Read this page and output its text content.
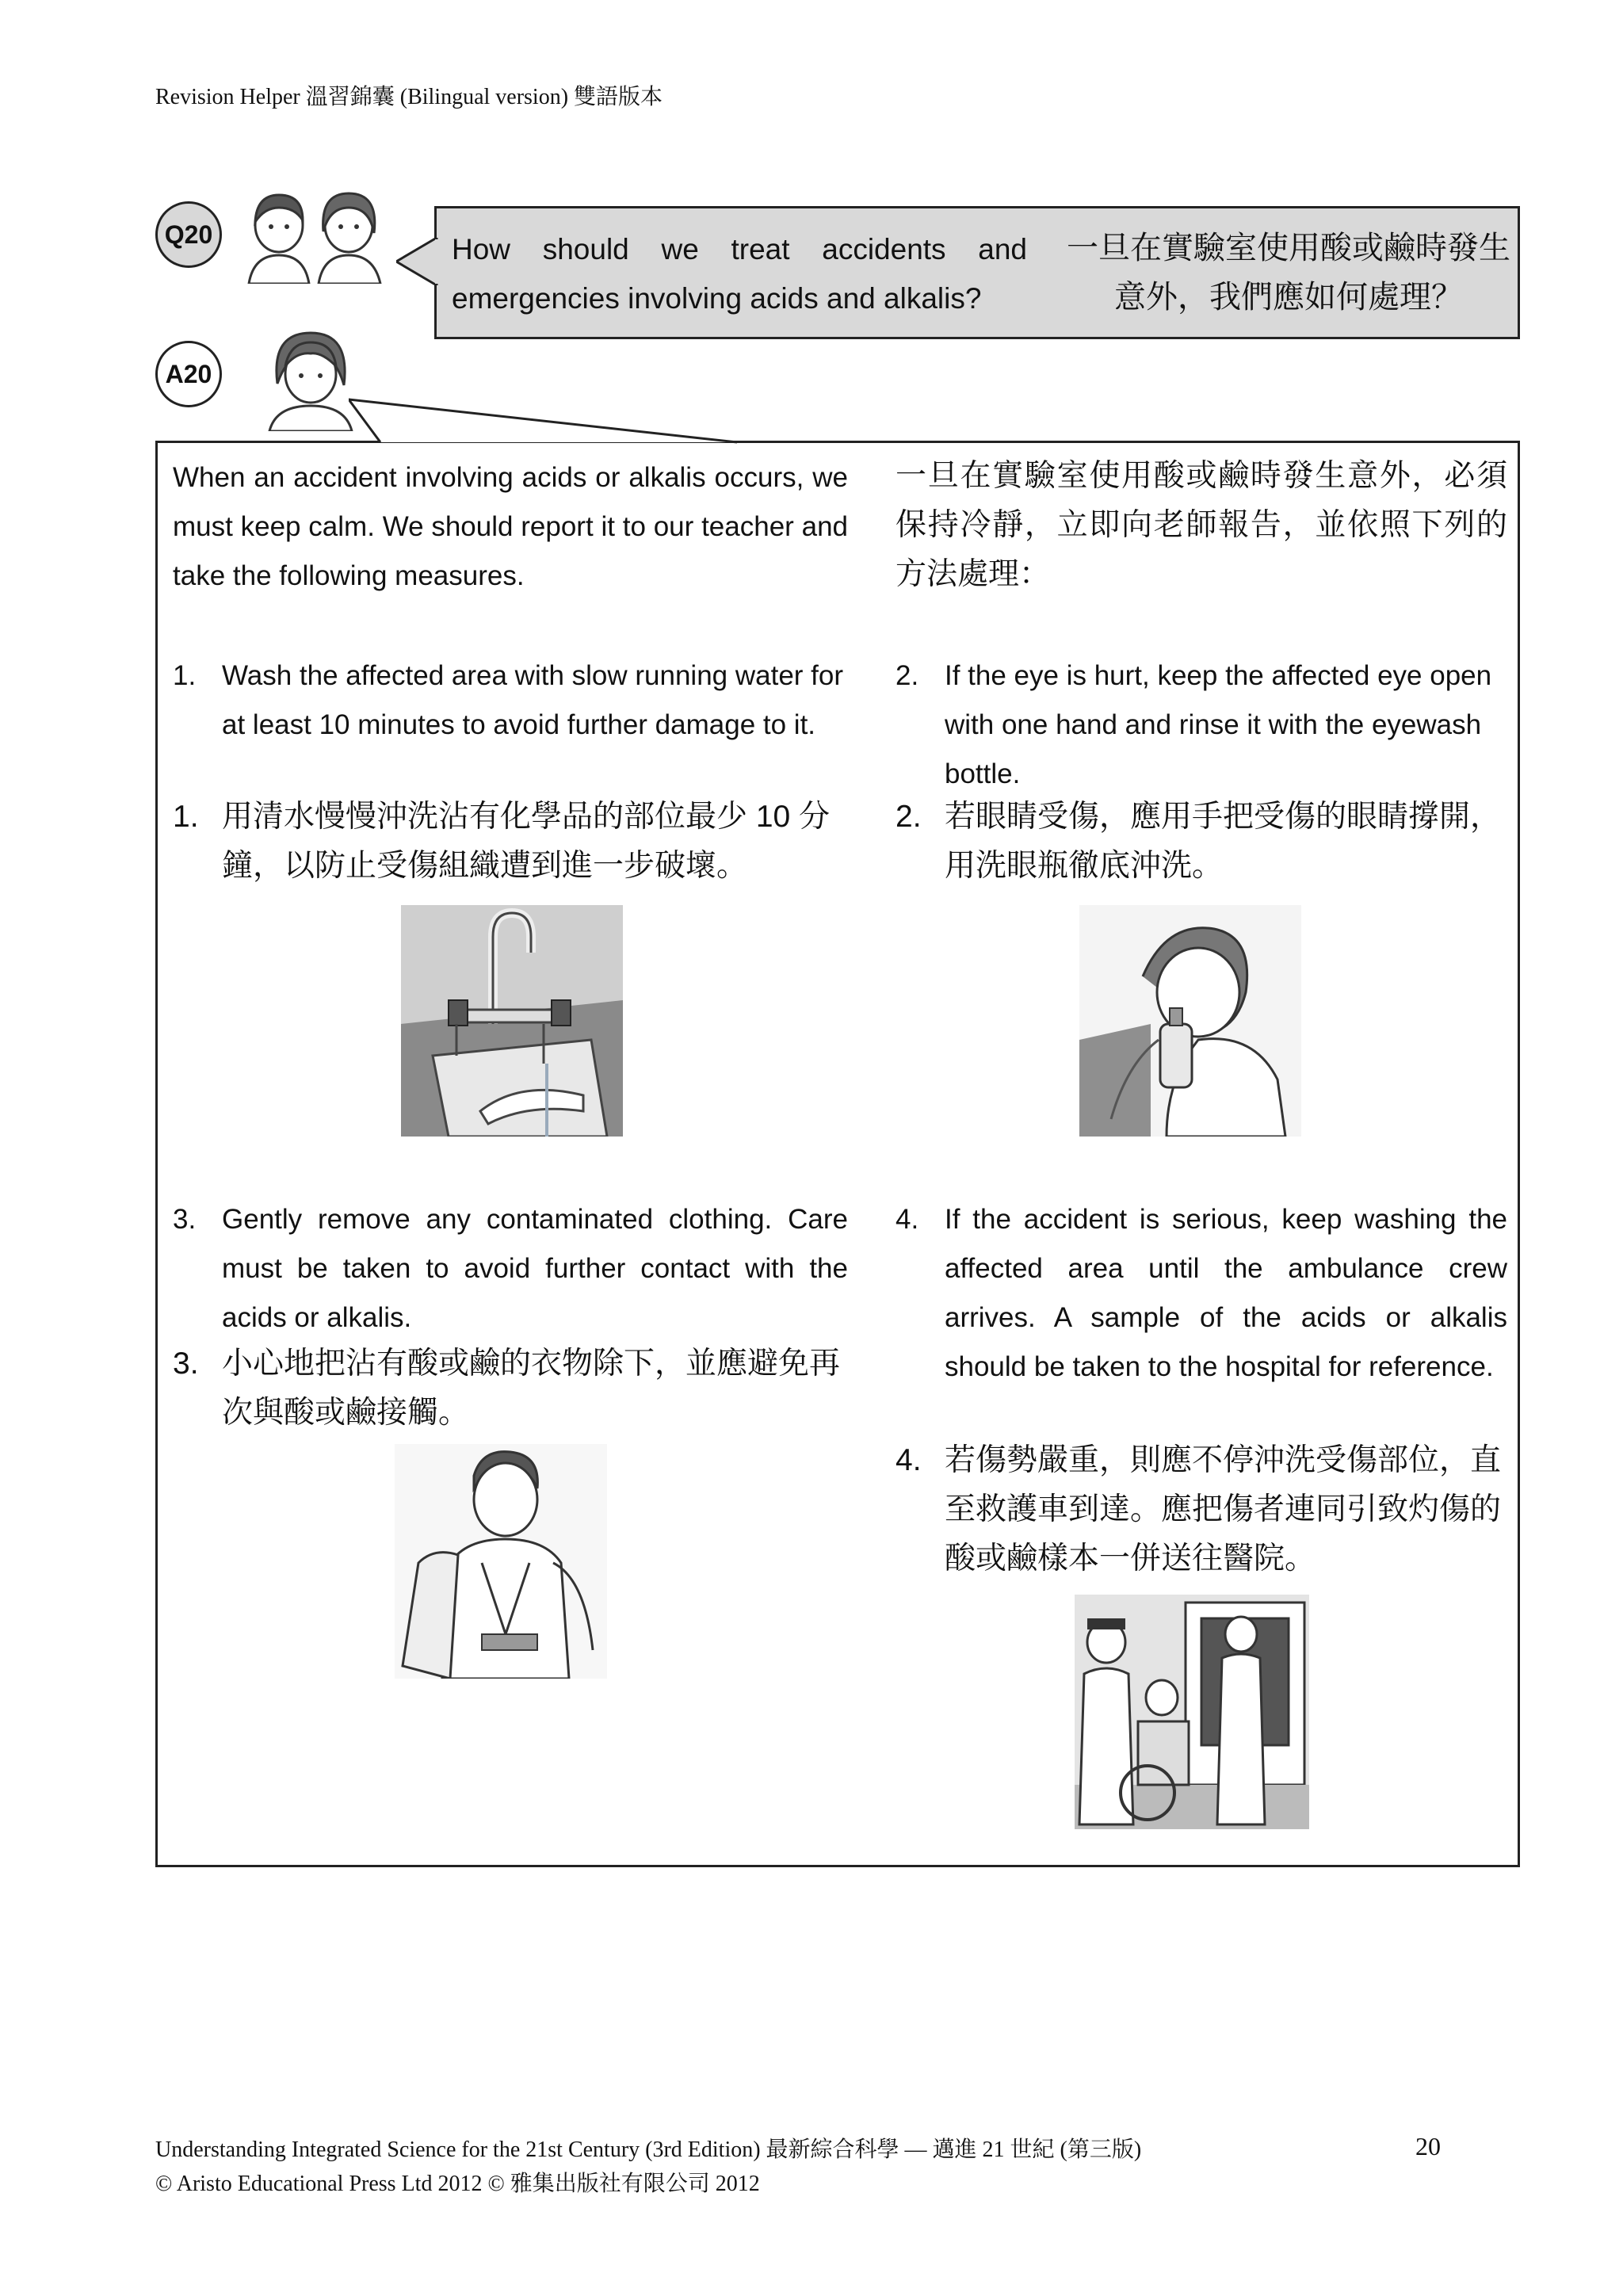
Revision Helper 溫習錦囊 (Bilingual version) 雙語版本
Q20	How should we treat accidents and emergencies involving acids and alkalis?
一旦在實驗室使用酸或鹼時發生意外，我們應如何處理？
A20
When an accident involving acids or alkalis occurs, we must keep calm. We should report it to our teacher and take the following measures.
一旦在實驗室使用酸或鹼時發生意外，必須保持冷靜，立即向老師報告，並依照下列的方法處理：
1. Wash the affected area with slow running water for at least 10 minutes to avoid further damage to it.
1. 用清水慢慢沖洗沾有化學品的部位最少 10 分鐘，以防止受傷組織遭到進一步破壞。
2. If the eye is hurt, keep the affected eye open with one hand and rinse it with the eyewash bottle.
2. 若眼睛受傷，應用手把受傷的眼睛撐開，用洗眼瓶徹底沖洗。
3. Gently remove any contaminated clothing. Care must be taken to avoid further contact with the acids or alkalis.
3. 小心地把沾有酸或鹼的衣物除下，並應避免再次與酸或鹼接觸。
4. If the accident is serious, keep washing the affected area until the ambulance crew arrives. A sample of the acids or alkalis should be taken to the hospital for reference.
4. 若傷勢嚴重，則應不停沖洗受傷部位，直至救護車到達。應把傷者連同引致灼傷的酸或鹼樣本一併送往醫院。
Understanding Integrated Science for the 21st Century (3rd Edition) 最新綜合科學 — 邁進 21 世紀 (第三版)
© Aristo Educational Press Ltd 2012 © 雅集出版社有限公司 2012
20
